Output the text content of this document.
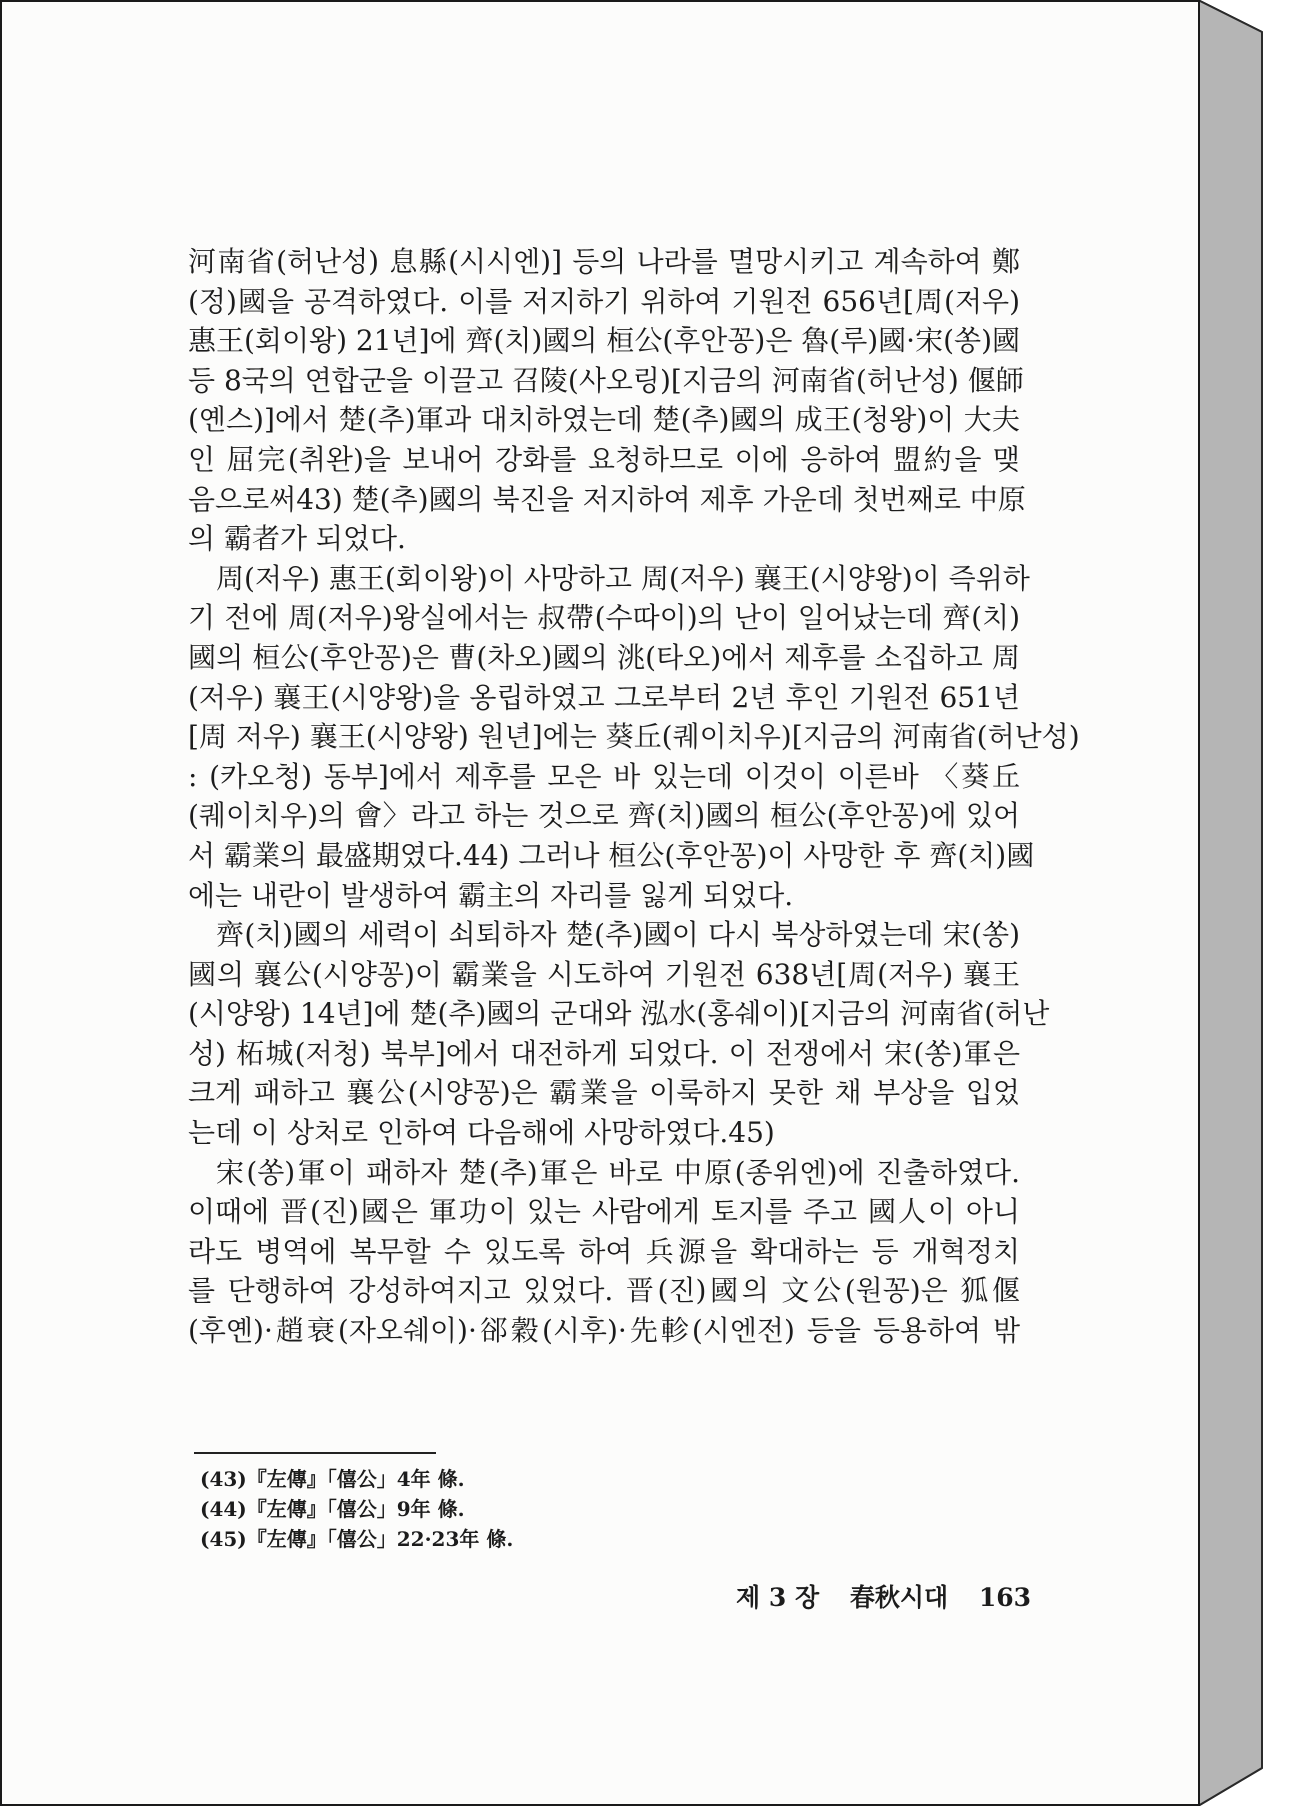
河南省(허난성) 息縣(시시엔)] 등의 나라를 멸망시키고 계속하여 鄭
(정)國을 공격하였다. 이를 저지하기 위하여 기원전 656년[周(저우)
惠王(회이왕) 21년]에 齊(치)國의 桓公(후안꽁)은 魯(루)國·宋(쏭)國
등 8국의 연합군을 이끌고 召陵(사오링)[지금의 河南省(허난성) 偃師
(옌스)]에서 楚(추)軍과 대치하였는데 楚(추)國의 成王(청왕)이 大夫
인 屈完(취완)을 보내어 강화를 요청하므로 이에 응하여 盟約을 맺
음으로써43) 楚(추)國의 북진을 저지하여 제후 가운데 첫번째로 中原
의 霸者가 되었다.
周(저우) 惠王(회이왕)이 사망하고 周(저우) 襄王(시양왕)이 즉위하
기 전에 周(저우)왕실에서는 叔帶(수따이)의 난이 일어났는데 齊(치)
國의 桓公(후안꽁)은 曹(차오)國의 洮(타오)에서 제후를 소집하고 周
(저우) 襄王(시양왕)을 옹립하였고 그로부터 2년 후인 기원전 651년
[周 저우) 襄王(시양왕) 원년]에는 葵丘(퀘이치우)[지금의 河南省(허난성)
: (카오청) 동부]에서 제후를 모은 바 있는데 이것이 이른바 〈葵丘
(퀘이치우)의 會〉라고 하는 것으로 齊(치)國의 桓公(후안꽁)에 있어
서 霸業의 最盛期였다.44) 그러나 桓公(후안꽁)이 사망한 후 齊(치)國
에는 내란이 발생하여 霸主의 자리를 잃게 되었다.
齊(치)國의 세력이 쇠퇴하자 楚(추)國이 다시 북상하였는데 宋(쏭)
國의 襄公(시양꽁)이 霸業을 시도하여 기원전 638년[周(저우) 襄王
(시양왕) 14년]에 楚(추)國의 군대와 泓水(홍쉐이)[지금의 河南省(허난
성) 柘城(저청) 북부]에서 대전하게 되었다. 이 전쟁에서 宋(쏭)軍은
크게 패하고 襄公(시양꽁)은 霸業을 이룩하지 못한 채 부상을 입었
는데 이 상처로 인하여 다음해에 사망하였다.45)
宋(쏭)軍이 패하자 楚(추)軍은 바로 中原(종위엔)에 진출하였다.
이때에 晋(진)國은 軍功이 있는 사람에게 토지를 주고 國人이 아니
라도 병역에 복무할 수 있도록 하여 兵源을 확대하는 등 개혁정치
를 단행하여 강성하여지고 있었다. 晋(진)國의 文公(원꽁)은 狐偃
(후옌)·趙衰(자오쉐이)·郤穀(시후)·先軫(시엔전) 등을 등용하여 밖
(43)『左傳』「僖公」4年 條.
(44)『左傳』「僖公」9年 條.
(45)『左傳』「僖公」22·23年 條.
제 3 장 春秋시대 163
